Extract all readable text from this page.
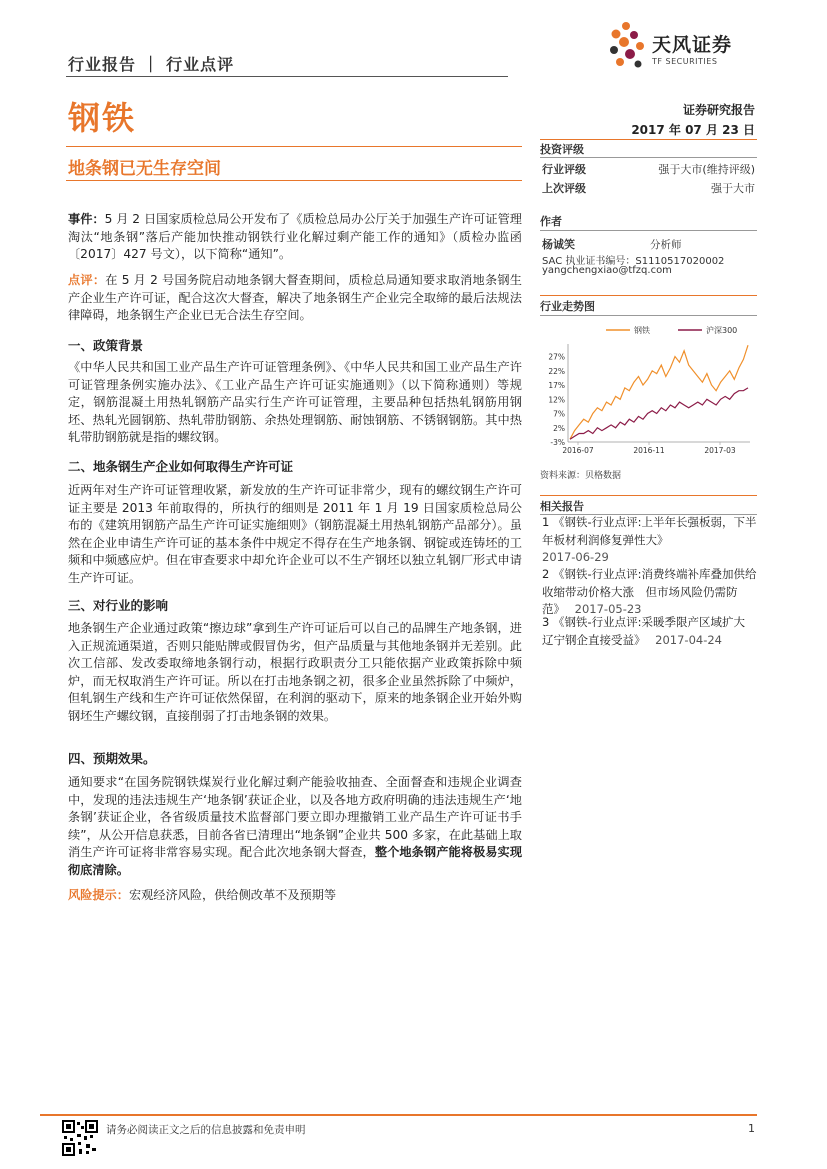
行业报告 ｜ 行业点评
钢铁
地条钢已无生存空间
天风证券
TF SECURITIES
证券研究报告
2017 年 07 月 23 日
投资评级
行业评级	强于大市(维持评级)
上次评级	强于大市
作者
杨诚笑	分析师
SAC 执业证书编号：S1110517020002
yangchengxiao@tfzq.com
行业走势图
-3%
2%
7%
12%
17%
22%
27%
2016-07	2016-11	2017-03
钢铁	沪深300
资料来源：贝格数据
相关报告
1 《钢铁-行业点评:上半年长强板弱，下半年板材利润修复弹性大》
2017-06-29
2 《钢铁-行业点评:消费终端补库叠加供给收缩带动价格大涨　但市场风险仍需防范》 2017-05-23
3 《钢铁-行业点评:采暖季限产区域扩大 辽宁钢企直接受益》 2017-04-24
事件：5 月 2 日国家质检总局公开发布了《质检总局办公厅关于加强生产许可证管理淘汰“地条钢”落后产能加快推动钢铁行业化解过剩产能工作的通知》（质检办监函〔2017〕427 号文），以下简称“通知”。
点评：在 5 月 2 号国务院启动地条钢大督查期间，质检总局通知要求取消地条钢生产企业生产许可证，配合这次大督查，解决了地条钢生产企业完全取缔的最后法规法律障碍，地条钢生产企业已无合法生存空间。
一、政策背景
《中华人民共和国工业产品生产许可证管理条例》、《中华人民共和国工业产品生产许可证管理条例实施办法》、《工业产品生产许可证实施通则》（以下简称通则）等规定，钢筋混凝土用热轧钢筋产品实行生产许可证管理，主要品种包括热轧钢筋用钢坯、热轧光圆钢筋、热轧带肋钢筋、余热处理钢筋、耐蚀钢筋、不锈钢钢筋。其中热轧带肋钢筋就是指的螺纹钢。
二、地条钢生产企业如何取得生产许可证
近两年对生产许可证管理收紧，新发放的生产许可证非常少，现有的螺纹钢生产许可证主要是 2013 年前取得的，所执行的细则是 2011 年 1 月 19 日国家质检总局公布的《建筑用钢筋产品生产许可证实施细则》（钢筋混凝土用热轧钢筋产品部分）。虽然在企业申请生产许可证的基本条件中规定不得存在生产地条钢、钢锭或连铸坯的工频和中频感应炉。但在审查要求中却允许企业可以不生产钢坯以独立轧钢厂形式申请生产许可证。
三、对行业的影响
地条钢生产企业通过政策“擦边球”拿到生产许可证后可以自己的品牌生产地条钢，进入正规流通渠道，否则只能贴牌或假冒伪劣，但产品质量与其他地条钢并无差别。此次工信部、发改委取缔地条钢行动，根据行政职责分工只能依据产业政策拆除中频炉，而无权取消生产许可证。所以在打击地条钢之初，很多企业虽然拆除了中频炉，但轧钢生产线和生产许可证依然保留，在利润的驱动下，原来的地条钢企业开始外购钢坯生产螺纹钢，直接削弱了打击地条钢的效果。
四、预期效果。
通知要求“在国务院钢铁煤炭行业化解过剩产能验收抽查、全面督查和违规企业调查中，发现的违法违规生产‘地条钢’获证企业，以及各地方政府明确的违法违规生产‘地条钢’获证企业，各省级质量技术监督部门要立即办理撤销工业产品生产许可证书手续”，从公开信息获悉，目前各省已清理出“地条钢”企业共 500 多家，在此基础上取消生产许可证将非常容易实现。配合此次地条钢大督查，整个地条钢产能将极易实现彻底清除。
风险提示：宏观经济风险，供给侧改革不及预期等
请务必阅读正文之后的信息披露和免责申明	1
